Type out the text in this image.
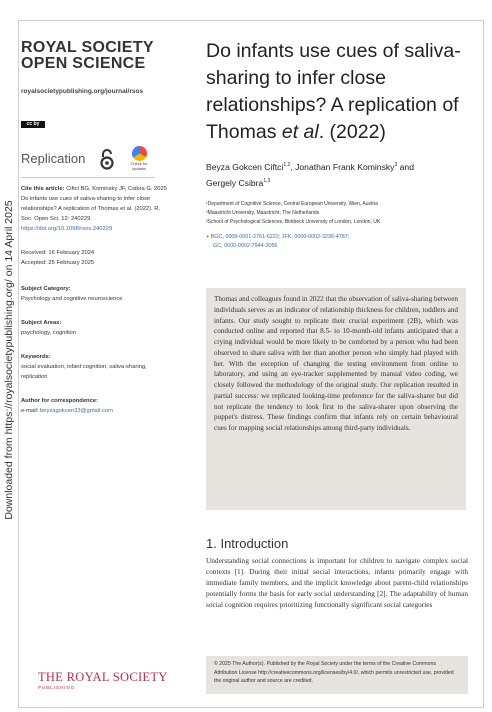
Downloaded from https://royalsocietypublishing.org/ on 14 April 2025
ROYAL SOCIETY
OPEN SCIENCE
royalsocietypublishing.org/journal/rsos
cc by
Replication	Check for updates
Cite this article: Ciftci BG, Kominsky JF, Csibra G. 2025 Do infants use cues of saliva-sharing to infer close relationships? A replication of Thomas et al. (2022). R. Soc. Open Sci. 12: 240229.
https://doi.org/10.1098/rsos.240229
Received: 16 February 2024
Accepted: 25 February 2025
Subject Category:
Psychology and cognitive neuroscience
Subject Areas:
psychology, cognition
Keywords:
social evaluation, infant cognition, saliva-sharing, replication
Author for correspondence:
e-mail: beyzagokcen33@gmail.com
Do infants use cues of saliva-sharing to infer close relationships? A replication of Thomas et al. (2022)
Beyza Gokcen Ciftci$^{1,2}$, Jonathan Frank Kominsky$^3$ and
Gergely Csibra$^{1,3}$
¹Department of Cognitive Science, Central European University, Wien, Austria
²Maastricht University, Maastricht, The Netherlands
³School of Psychological Sciences, Birkbeck University of London, London, UK
● BGC, 0009-0001-2761-6222; JFK, 0000-0002-3236-4787;
GC, 0000-0002-7944-3056
Thomas and colleagues found in 2022 that the observation of saliva-sharing between individuals serves as an indicator of relationship thickness for children, toddlers and infants. Our study sought to replicate their crucial experiment (2B), which was conducted online and reported that 8.5- to 10-month-old infants anticipated that a crying individual would be more likely to be comforted by a person who had been observed to share saliva with her than another person who simply had played with her. With the exception of changing the testing environment from online to laboratory, and using an eye-tracker supplemented by manual video coding, we closely followed the methodology of the original study. Our replication resulted in partial success: we replicated looking-time preference for the saliva-sharer but did not replicate the tendency to look first to the saliva-sharer upon observing the puppet's distress. These findings confirm that infants rely on certain behavioural cues for mapping social relationships among third-party individuals.
1. Introduction
Understanding social connections is important for children to navigate complex social contexts [1]. During their initial social interactions, infants primarily engage with immediate family members, and the implicit knowledge about parent-child relationships potentially forms the basis for early social understanding [2]. The adaptability of human social cognition requires prioritizing functionally significant social categories
© 2025 The Author(s). Published by the Royal Society under the terms of the Creative Commons Attribution License http://creativecommons.org/licenses/by/4.0/, which permits unrestricted use, provided the original author and source are credited.
THE ROYAL SOCIETY
PUBLISHING
